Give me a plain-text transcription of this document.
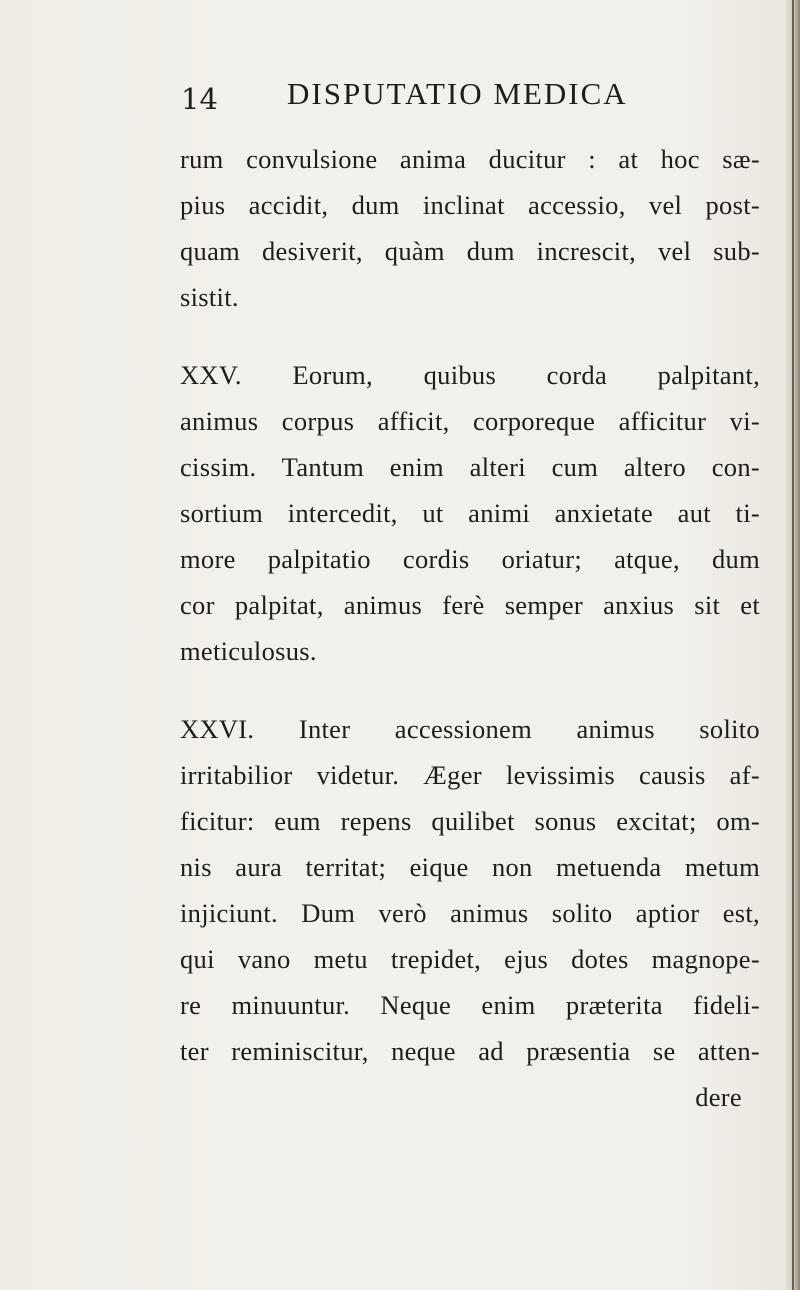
14 DISPUTATIO MEDICA
rum convulsione anima ducitur : at hoc sæ-
pius accidit, dum inclinat accessio, vel post-
quam desiverit, quàm dum increscit, vel sub-
sistit.
XXV. Eorum, quibus corda palpitant,
animus corpus afficit, corporeque afficitur vi-
cissim. Tantum enim alteri cum altero con-
sortium intercedit, ut animi anxietate aut ti-
more palpitatio cordis oriatur; atque, dum
cor palpitat, animus ferè semper anxius sit et
meticulosus.
XXVI. Inter accessionem animus solito
irritabilior videtur. Æger levissimis causis af-
ficitur: eum repens quilibet sonus excitat; om-
nis aura territat; eique non metuenda metum
injiciunt. Dum verò animus solito aptior est,
qui vano metu trepidet, ejus dotes magnope-
re minuuntur. Neque enim præterita fideli-
ter reminiscitur, neque ad præsentia se atten-
dere
